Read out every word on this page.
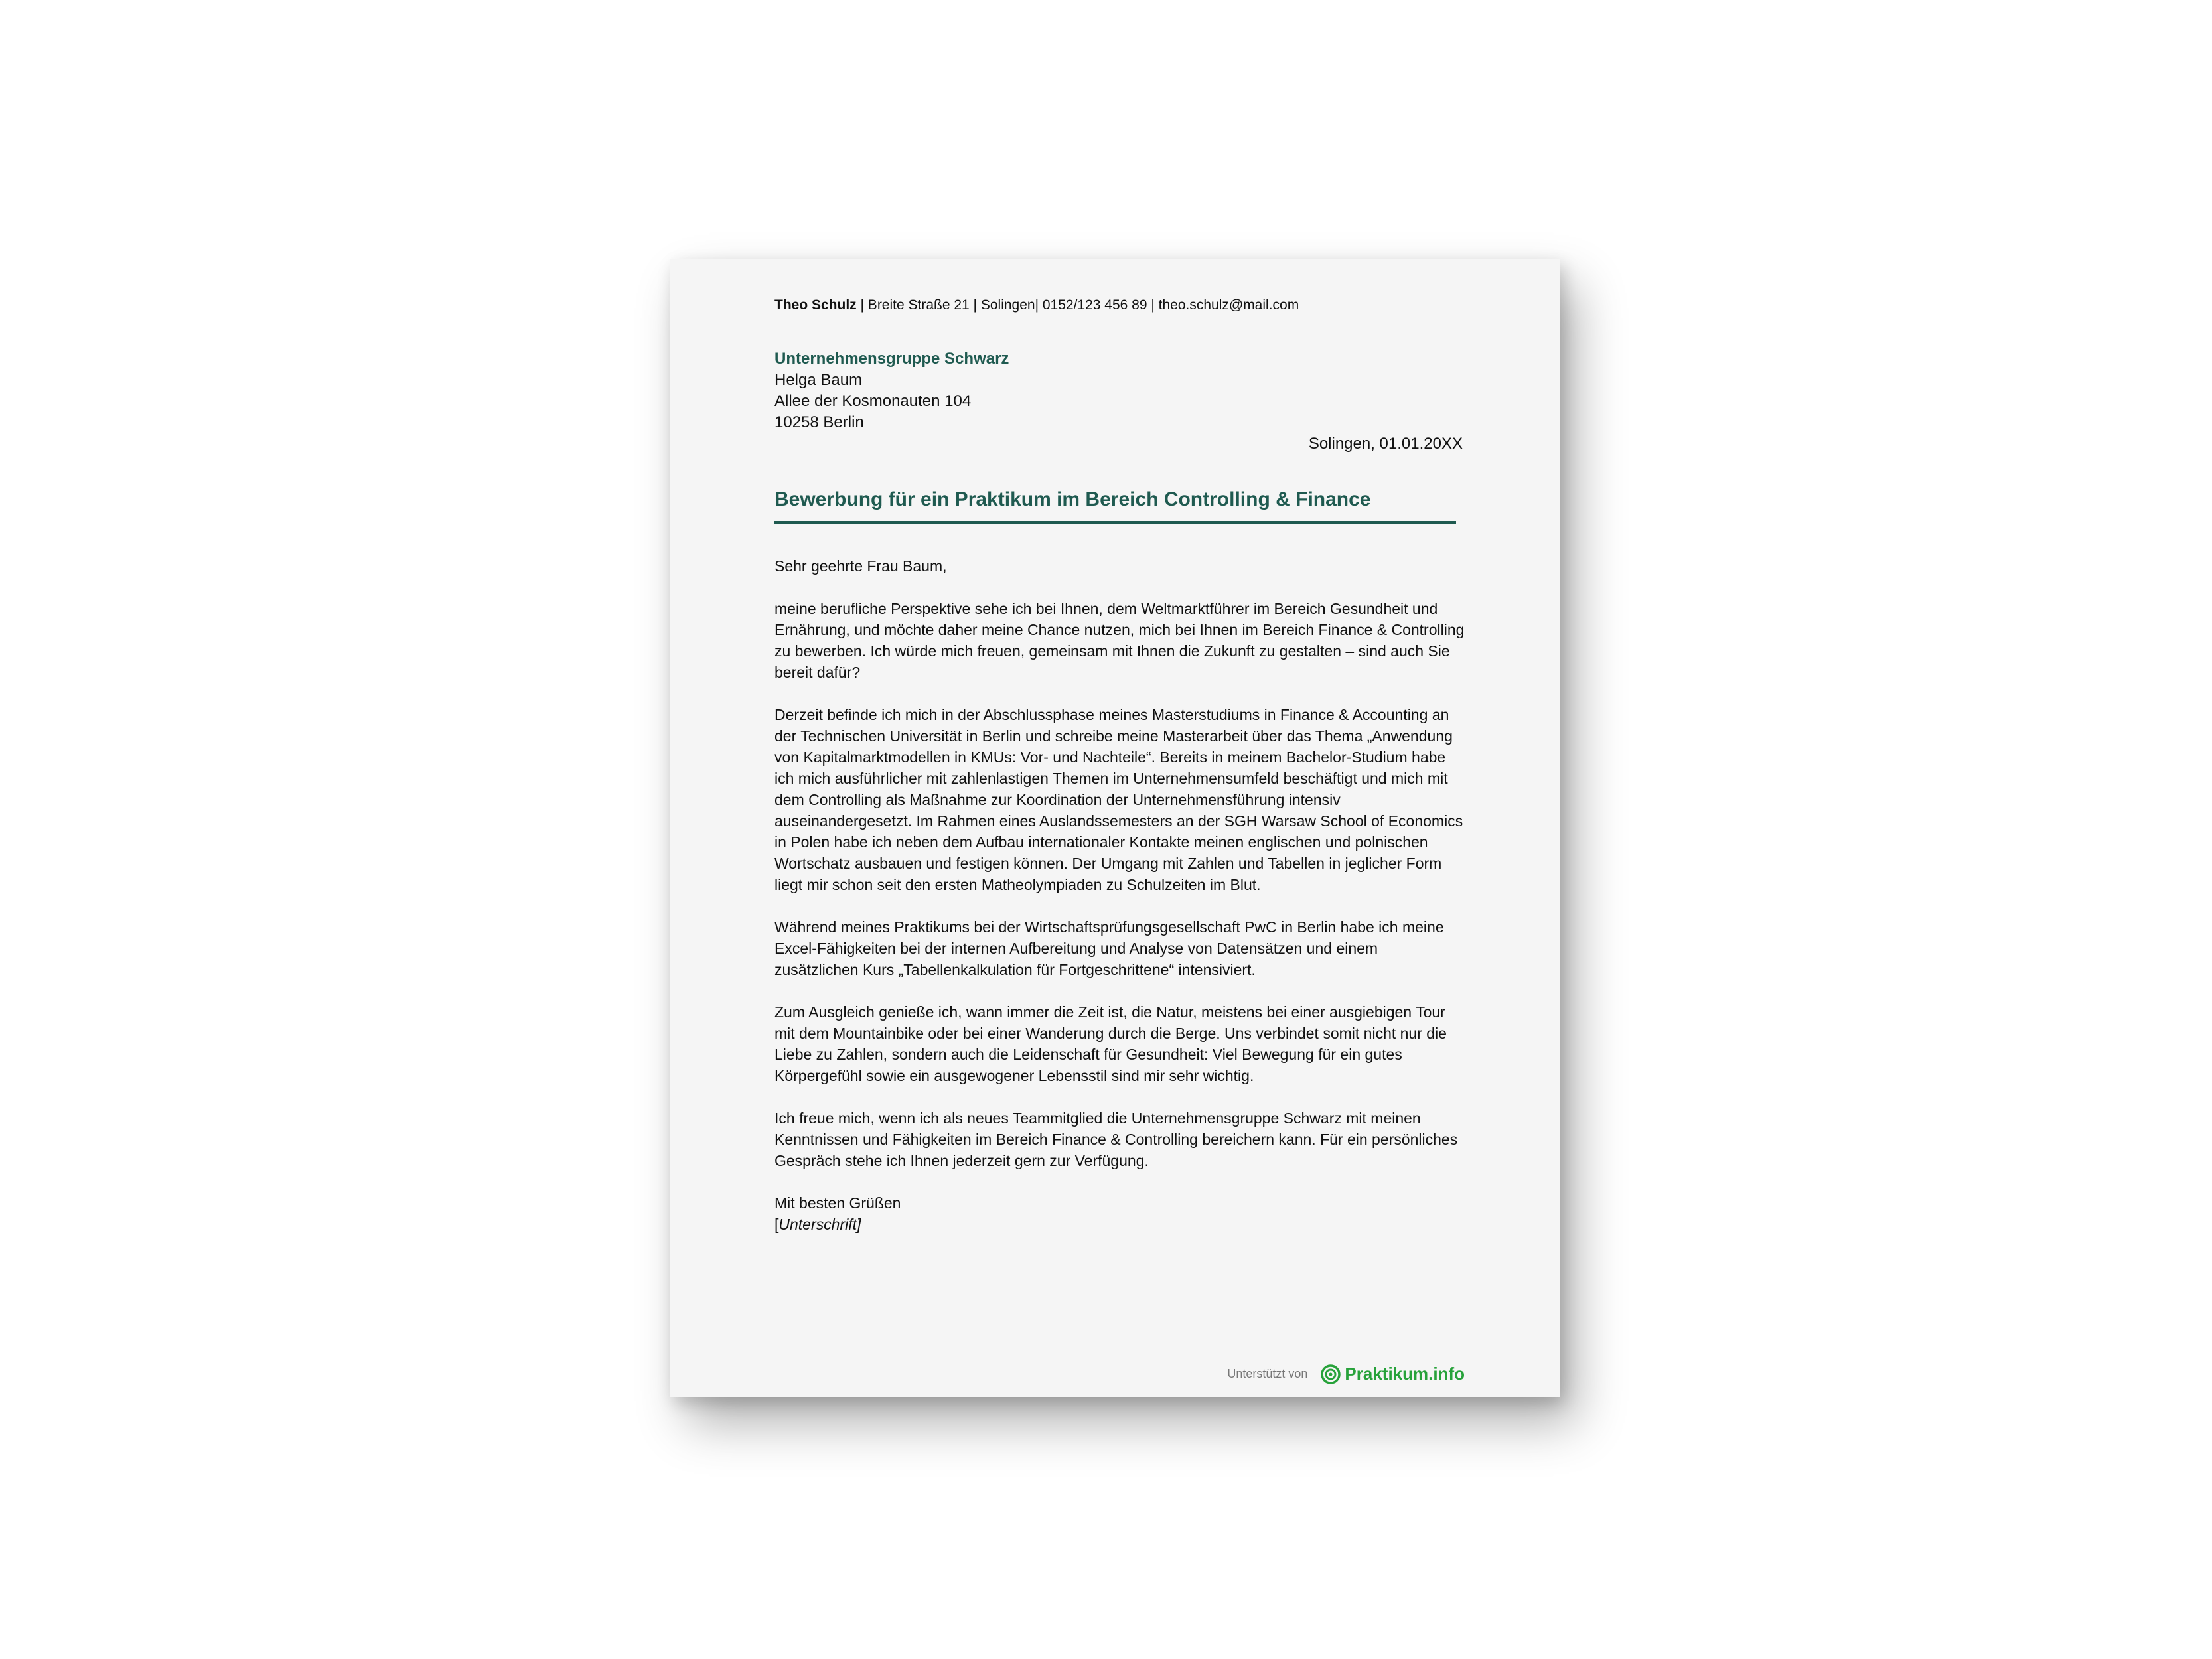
Theo Schulz | Breite Straße 21 | Solingen| 0152/123 456 89 | theo.schulz@mail.com
Unternehmensgruppe Schwarz
Helga Baum
Allee der Kosmonauten 104
10258 Berlin
Solingen, 01.01.20XX
Bewerbung für ein Praktikum im Bereich Controlling & Finance

Sehr geehrte Frau Baum,

meine berufliche Perspektive sehe ich bei Ihnen, dem Weltmarktführer im Bereich Gesundheit und Ernährung, und möchte daher meine Chance nutzen, mich bei Ihnen im Bereich Finance & Controlling zu bewerben. Ich würde mich freuen, gemeinsam mit Ihnen die Zukunft zu gestalten – sind auch Sie bereit dafür?

Derzeit befinde ich mich in der Abschlussphase meines Masterstudiums in Finance & Accounting an der Technischen Universität in Berlin und schreibe meine Masterarbeit über das Thema „Anwendung von Kapitalmarktmodellen in KMUs: Vor- und Nachteile“. Bereits in meinem Bachelor-Studium habe ich mich ausführlicher mit zahlenlastigen Themen im Unternehmensumfeld beschäftigt und mich mit dem Controlling als Maßnahme zur Koordination der Unternehmensführung intensiv auseinandergesetzt. Im Rahmen eines Auslandssemesters an der SGH Warsaw School of Economics in Polen habe ich neben dem Aufbau internationaler Kontakte meinen englischen und polnischen Wortschatz ausbauen und festigen können. Der Umgang mit Zahlen und Tabellen in jeglicher Form liegt mir schon seit den ersten Matheolympiaden zu Schulzeiten im Blut.

Während meines Praktikums bei der Wirtschaftsprüfungsgesellschaft PwC in Berlin habe ich meine Excel-Fähigkeiten bei der internen Aufbereitung und Analyse von Datensätzen und einem zusätzlichen Kurs „Tabellenkalkulation für Fortgeschrittene“ intensiviert.

Zum Ausgleich genieße ich, wann immer die Zeit ist, die Natur, meistens bei einer ausgiebigen Tour mit dem Mountainbike oder bei einer Wanderung durch die Berge. Uns verbindet somit nicht nur die Liebe zu Zahlen, sondern auch die Leidenschaft für Gesundheit: Viel Bewegung für ein gutes Körpergefühl sowie ein ausgewogener Lebensstil sind mir sehr wichtig.

Ich freue mich, wenn ich als neues Teammitglied die Unternehmensgruppe Schwarz mit meinen Kenntnissen und Fähigkeiten im Bereich Finance & Controlling bereichern kann. Für ein persönliches Gespräch stehe ich Ihnen jederzeit gern zur Verfügung.

Mit besten Grüßen
[Unterschrift]
Unterstützt von Praktikum.info
